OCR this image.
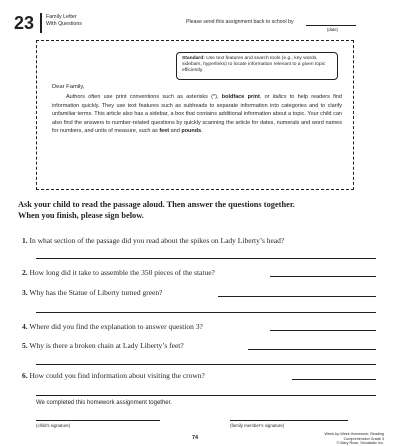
23 Family Letter
With Questions	Please send this assignment back to school by
(date)
Standard: Use text features and search tools (e.g., key words, sidebars, hyperlinks) to locate information relevant to a given topic efficiently.
Dear Family,
Authors often use print conventions such as asterisks (*), boldface print, or italics to help readers find information quickly. They use text features such as subheads to separate information into categories and to clarify unfamiliar terms. This article also has a sidebar, a box that contains additional information about a topic. Your child can also find the answers to number-related questions by quickly scanning the article for dates, numerals and word names for numbers, and units of measure, such as feet and pounds.
Ask your child to read the passage aloud. Then answer the questions together.
When you finish, please sign below.
1. In what section of the passage did you read about the spikes on Lady Liberty’s head?
2. How long did it take to assemble the 350 pieces of the statue?
3. Why has the Statue of Liberty turned green?
4. Where did you find the explanation to answer question 3?
5. Why is there a broken chain at Lady Liberty’s feet?
6. How could you find information about visiting the crown?
We completed this homework assignment together.
(child’s signature)	(family member’s signature)
74
Week-by-Week Homework: Reading Comprehension Grade 3
© Mary Rose, Scholastic Inc.
